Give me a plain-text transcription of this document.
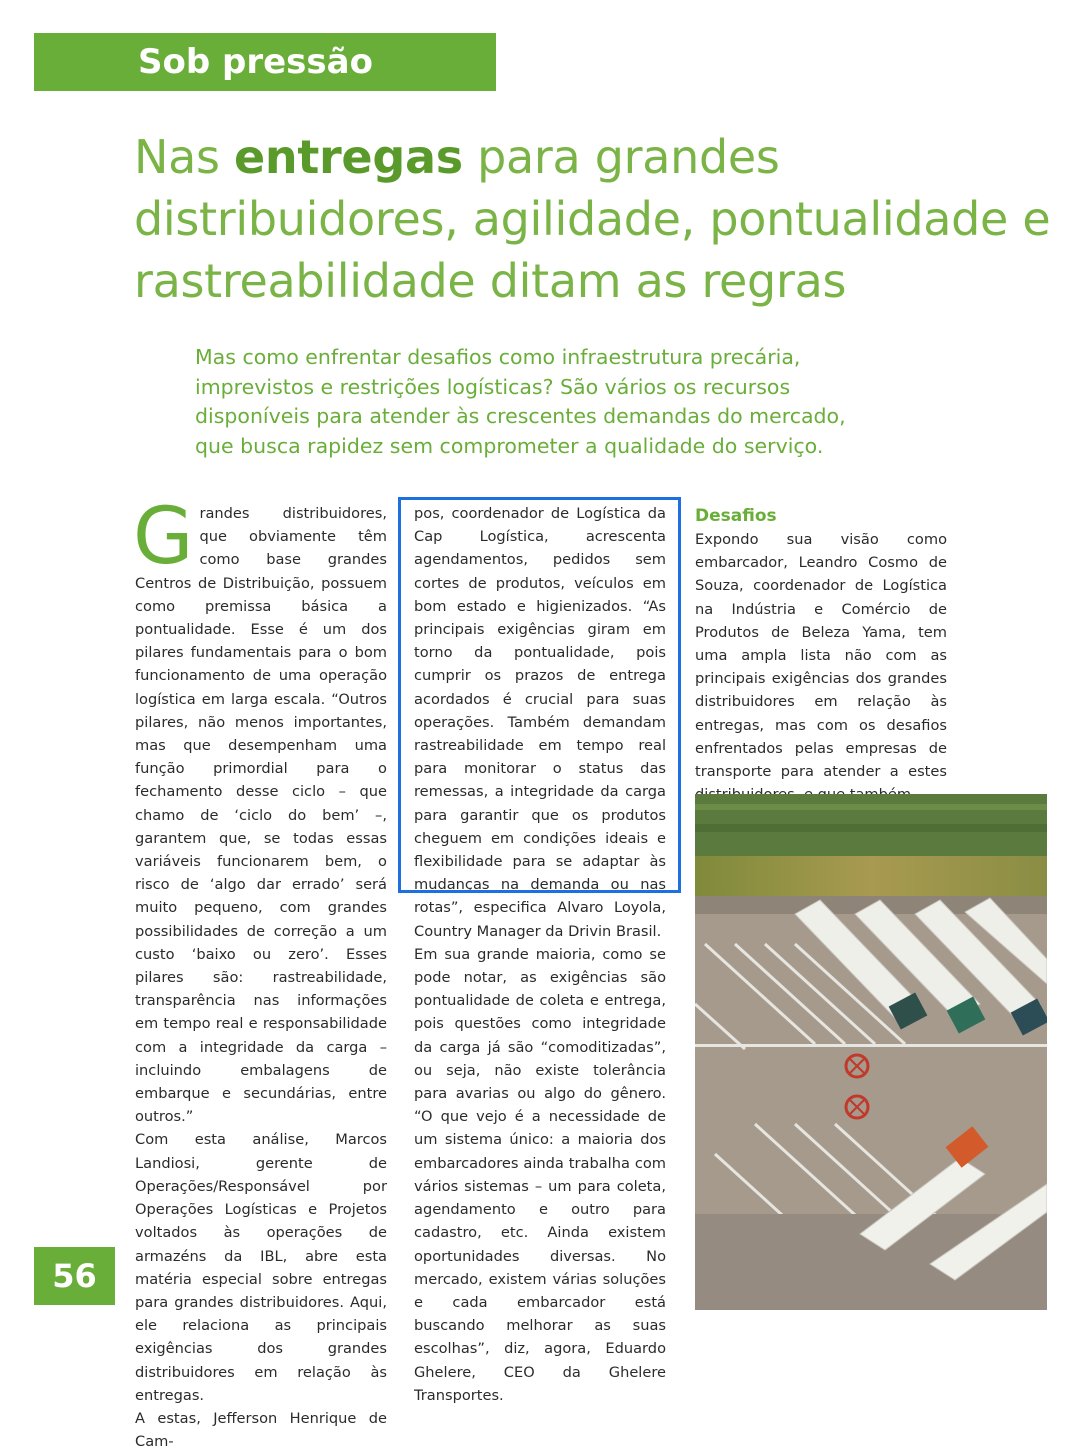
Sob pressão

Nas entregas para grandes distribuidores, agilidade, pontualidade e rastreabilidade ditam as regras

Mas como enfrentar desafios como infraestrutura precária, imprevistos e restrições logísticas? São vários os recursos disponíveis para atender às crescentes demandas do mercado, que busca rapidez sem comprometer a qualidade do serviço.

G randes distribuidores, que obviamente têm como base grandes Centros de Distribuição, possuem como premissa básica a pontualidade. Esse é um dos pilares fundamentais para o bom funcionamento de uma operação logística em larga escala. “Outros pilares, não menos importantes, mas que desempenham uma função primordial para o fechamento desse ciclo – que chamo de ‘ciclo do bem’ –, garantem que, se todas essas variáveis funcionarem bem, o risco de ‘algo dar errado’ será muito pequeno, com grandes possibilidades de correção a um custo ‘baixo ou zero’. Esses pilares são: rastreabilidade, transparência nas informações em tempo real e responsabilidade com a integridade da carga – incluindo embalagens de embarque e secundárias, entre outros.”

Com esta análise, Marcos Landiosi, gerente de Operações/Responsável por Operações Logísticas e Projetos voltados às operações de armazéns da IBL, abre esta matéria especial sobre entregas para grandes distribuidores. Aqui, ele relaciona as principais exigências dos grandes distribuidores em relação às entregas.

A estas, Jefferson Henrique de Cam-

pos, coordenador de Logística da Cap Logística, acrescenta agendamentos, pedidos sem cortes de produtos, veículos em bom estado e higienizados. “As principais exigências giram em torno da pontualidade, pois cumprir os prazos de entrega acordados é crucial para suas operações. Também demandam rastreabilidade em tempo real para monitorar o status das remessas, a integridade da carga para garantir que os produtos cheguem em condições ideais e flexibilidade para se adaptar às mudanças na demanda ou nas rotas”, especifica Alvaro Loyola, Country Manager da Drivin Brasil.

Em sua grande maioria, como se pode notar, as exigências são pontualidade de coleta e entrega, pois questões como integridade da carga já são “comoditizadas”, ou seja, não existe tolerância para avarias ou algo do gênero. “O que vejo é a necessidade de um sistema único: a maioria dos embarcadores ainda trabalha com vários sistemas – um para coleta, agendamento e outro para cadastro, etc. Ainda existem oportunidades diversas. No mercado, existem várias soluções e cada embarcador está buscando melhorar as suas escolhas”, diz, agora, Eduardo Ghelere, CEO da Ghelere Transportes.

Desafios

Expondo sua visão como embarcador, Leandro Cosmo de Souza, coordenador de Logística na Indústria e Comércio de Produtos de Beleza Yama, tem uma ampla lista não com as principais exigências dos grandes distribuidores em relação às entregas, mas com os desafios enfrentados pelas empresas de transporte para atender a estes

56
